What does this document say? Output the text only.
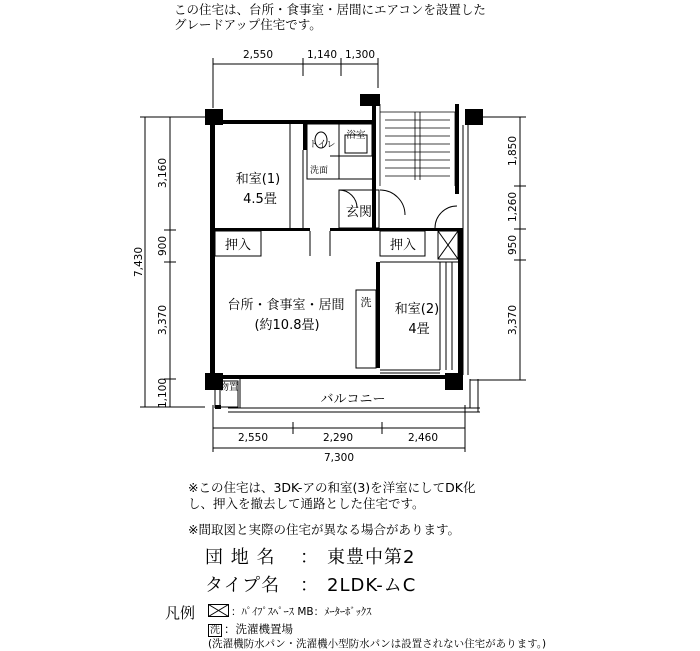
この住宅は、台所・食事室・居間にエアコンを設置した
グレードアップ住宅です。
2,550	1,140 1,300
2,550	2,290	2,460
7,300
3,160
900
3,370
1,100
7,430
1,850
1,260
950
3,370
和室(1)
4.5畳
トイレ
浴室
洗面
玄関
押入	押入
台所・食事室・居間
(約10.8畳)
洗 和室(2)
4畳
物置
バルコニー
※この住宅は、3DK-アの和室(3)を洋室にしてDK化
し、押入を撤去して通路とした住宅です。
※間取図と実際の住宅が異なる場合があります。
団 地 名 ： 東豊中第2
タイプ名 ： 2LDK-ムC
凡例	：ﾊﾟｲﾌﾟｽﾍﾟｰｽ MB：ﾒｰﾀｰﾎﾞｯｸｽ
洗 ：洗濯機置場
(洗濯機防水パン・洗濯機小型防水パンは設置されない住宅があります。)
